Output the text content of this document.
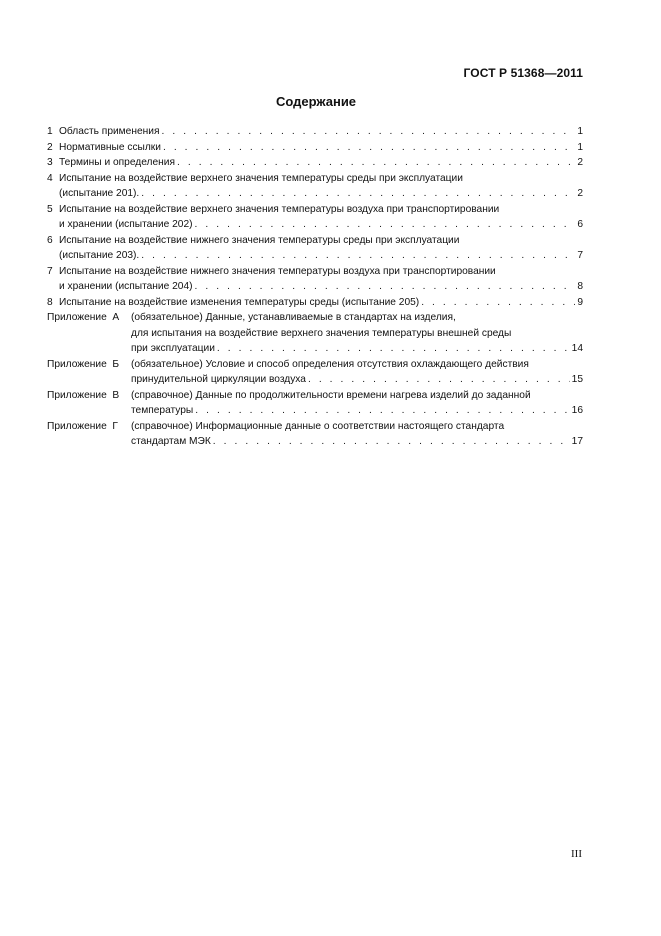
ГОСТ Р 51368—2011
Содержание
1 Область применения . . .	1
2 Нормативные ссылки . . .	1
3 Термины и определения . . .	2
4 Испытание на воздействие верхнего значения температуры среды при эксплуатации
(испытание 201). . . .	2
5 Испытание на воздействие верхнего значения температуры воздуха при транспортировании
и хранении (испытание 202) . . .	6
6 Испытание на воздействие нижнего значения температуры среды при эксплуатации
(испытание 203). . . .	7
7 Испытание на воздействие нижнего значения температуры воздуха при транспортировании
и хранении (испытание 204) . . .	8
8 Испытание на воздействие изменения температуры среды (испытание 205) . . .	9
Приложение  А (обязательное) Данные, устанавливаемые в стандартах на изделия,
для испытания на воздействие верхнего значения температуры внешней среды
при эксплуатации . . .	14
Приложение  Б (обязательное) Условие и способ определения отсутствия охлаждающего действия
принудительной циркуляции воздуха . . .	15
Приложение  В (справочное) Данные по продолжительности времени нагрева изделий до заданной
температуры . . .	16
Приложение  Г (справочное) Информационные данные о соответствии настоящего стандарта
стандартам МЭК . . .	17
III
